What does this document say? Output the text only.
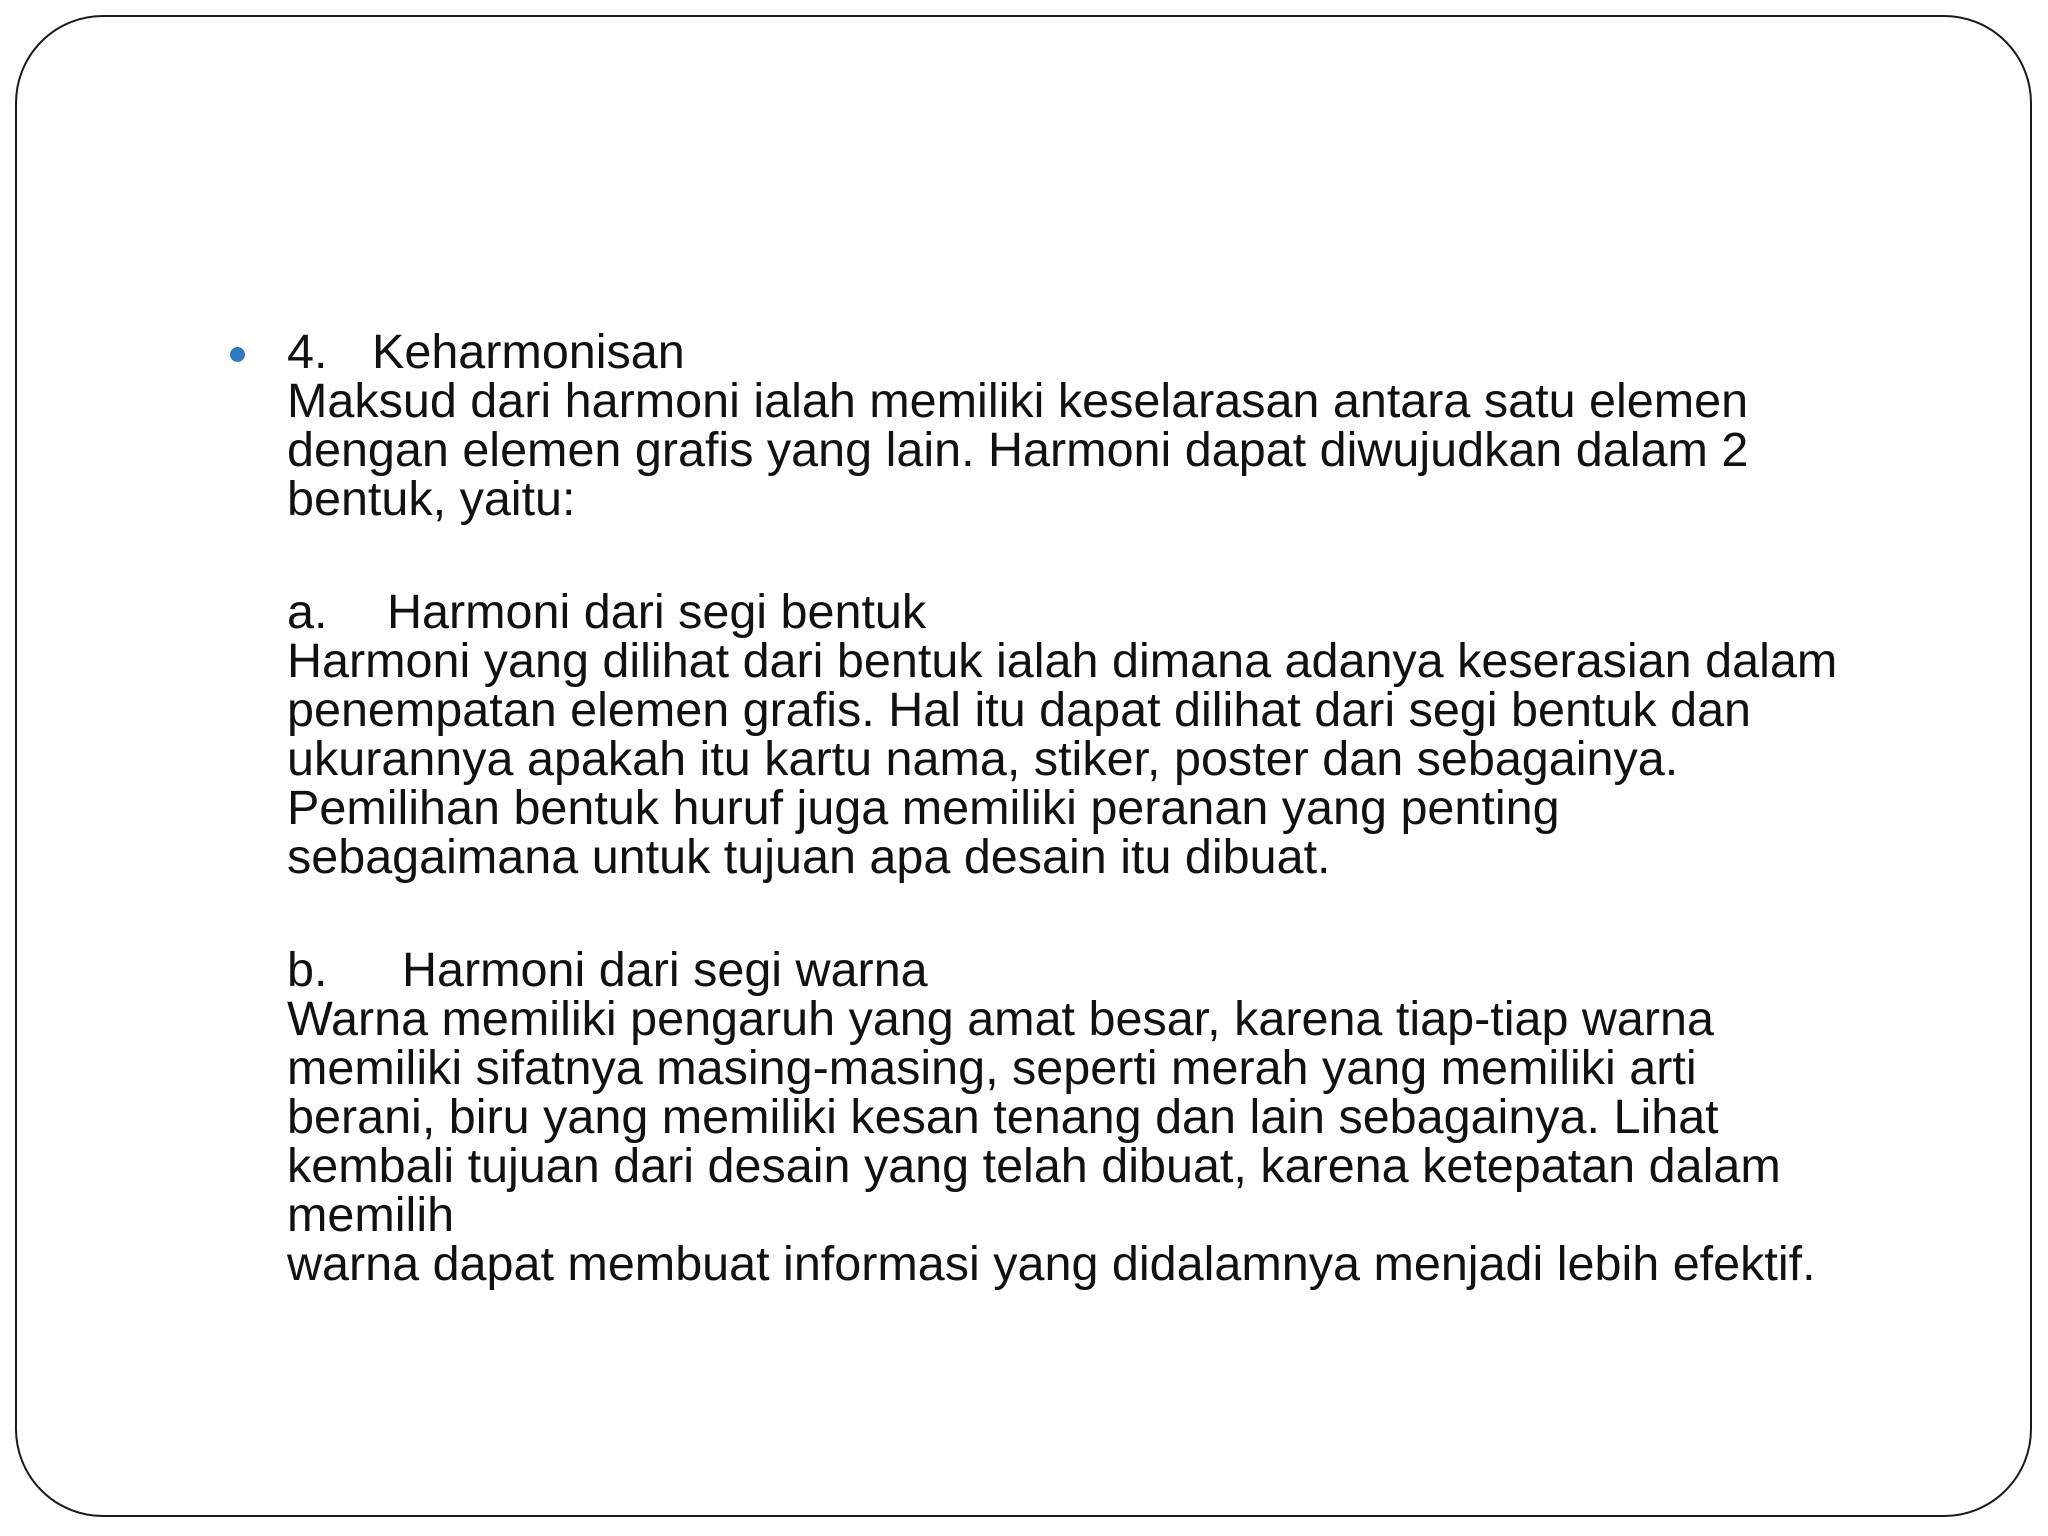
4. Keharmonisan
Maksud dari harmoni ialah memiliki keselarasan antara satu elemen
dengan elemen grafis yang lain. Harmoni dapat diwujudkan dalam 2
bentuk, yaitu:
a. Harmoni dari segi bentuk
Harmoni yang dilihat dari bentuk ialah dimana adanya keserasian dalam
penempatan elemen grafis. Hal itu dapat dilihat dari segi bentuk dan
ukurannya apakah itu kartu nama, stiker, poster dan sebagainya.
Pemilihan bentuk huruf juga memiliki peranan yang penting
sebagaimana untuk tujuan apa desain itu dibuat.
b. Harmoni dari segi warna
Warna memiliki pengaruh yang amat besar, karena tiap-tiap warna
memiliki sifatnya masing-masing, seperti merah yang memiliki arti
berani, biru yang memiliki kesan tenang dan lain sebagainya. Lihat
kembali tujuan dari desain yang telah dibuat, karena ketepatan dalam
memilih
warna dapat membuat informasi yang didalamnya menjadi lebih efektif.
